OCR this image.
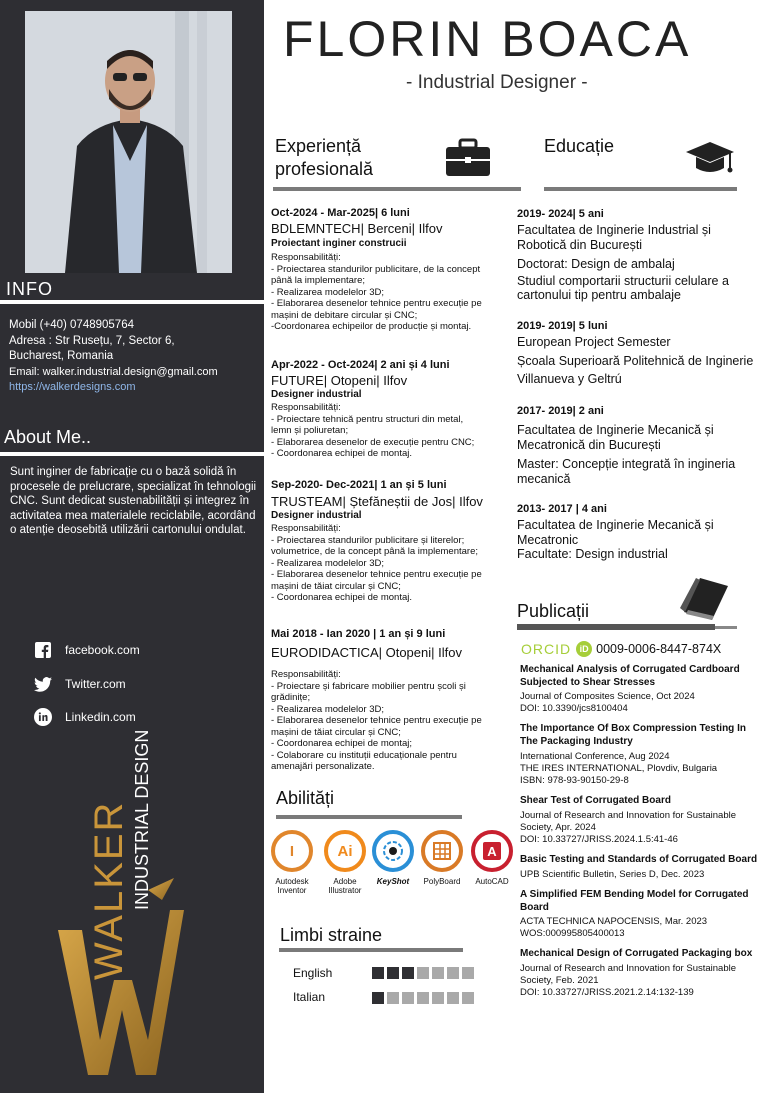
INFO
Mobil (+40) 0748905764
Adresa : Str Rusețu, 7, Sector 6,
Bucharest, Romania
Email: walker.industrial.design@gmail.com
https://walkerdesigns.com
About Me..
Sunt inginer de fabricație cu o bază solidă în procesele de prelucrare, specializat în tehnologii CNC. Sunt dedicat sustenabilității și integrez în activitatea mea materialele reciclabile, acordând o atenție deosebită utilizării cartonului ondulat.
facebook.com
Twitter.com
Linkedin.com
WALKER INDUSTRIAL DESIGN
FLORIN BOACA
- Industrial Designer -
Experiență
profesională
Educație
Oct-2024 - Mar-2025| 6 luni
BDLEMNTECH| Berceni| Ilfov
Proiectant inginer construcii
Responsabilități:
- Proiectarea standurilor publicitare, de la concept
până la implementare;
- Realizarea modelelor 3D;
- Elaborarea desenelor tehnice pentru execuție pe
mașini de debitare circular și CNC;
-Coordonarea echipeilor de producție și montaj.
Apr-2022 - Oct-2024| 2 ani și 4 luni
FUTURE| Otopeni| Ilfov
Designer industrial
Responsabilități:
- Proiectare tehnică pentru structuri din metal,
lemn și poliuretan;
- Elaborarea desenelor de execuție pentru CNC;
- Coordonarea echipei de montaj.
Sep-2020- Dec-2021| 1 an și 5 luni
TRUSTEAM| Ștefăneștii de Jos| Ilfov
Designer industrial
Responsabilități:
- Proiectarea standurilor publicitare și literelor;
volumetrice, de la concept până la implementare;
- Realizarea modelelor 3D;
- Elaborarea desenelor tehnice pentru execuție pe
mașini de tăiat circular și CNC;
- Coordonarea echipei de montaj.
Mai 2018 - Ian 2020 | 1 an și 9 luni
EURODIDACTICA| Otopeni| Ilfov
Responsabilități:
- Proiectare și fabricare mobilier pentru școli și
grădinițe;
- Realizarea modelelor 3D;
- Elaborarea desenelor tehnice pentru execuție pe
mașini de tăiat circular și CNC;
- Coordonarea echipei de montaj;
- Colaborare cu instituții educaționale pentru
amenajări personalizate.
2019- 2024| 5 ani
Facultatea de Inginerie Industrial și
Robotică din București
Doctorat: Design de ambalaj
Studiul comportarii structurii celulare a
cartonului tip pentru ambalaje
2019- 2019| 5 luni
European Project Semester
Școala Superioară Politehnică de Inginerie
Villanueva y Geltrú
2017- 2019| 2 ani
Facultatea de Inginerie Mecanică și
Mecatronică din București
Master: Concepție integrată în ingineria
mecanică
2013- 2017 | 4 ani
Facultatea de Inginerie Mecanică și
Mecatronic
Facultate: Design industrial
Publicații
ORCID iD 0009-0006-8447-874X
Mechanical Analysis of Corrugated Cardboard
Subjected to Shear Stresses
Journal of Composites Science, Oct 2024
DOI: 10.3390/jcs8100404
The Importance Of Box Compression Testing In
The Packaging Industry
International Conference, Aug 2024
THE IRES INTERNATIONAL, Plovdiv, Bulgaria
ISBN: 978-93-90150-29-8
Shear Test of Corrugated Board
Journal of Research and Innovation for Sustainable
Society, Apr. 2024
DOI: 10.33727/JRISS.2024.1.5:41-46
Basic Testing and Standards of Corrugated Board
UPB Scientific Bulletin, Series D, Dec. 2023
A Simplified FEM Bending Model for Corrugated
Board
ACTA TECHNICA NAPOCENSIS, Mar. 2023
WOS:000995805400013
Mechanical Design of Corrugated Packaging box
Journal of Research and Innovation for Sustainable
Society, Feb. 2021
DOI: 10.33727/JRISS.2021.2.14:132-139
Abilități
I
Autodesk Inventor
Ai
Adobe Illustrator
KeyShot	PolyBoard
A
AutoCAD
Limbi straine
English
Italian
